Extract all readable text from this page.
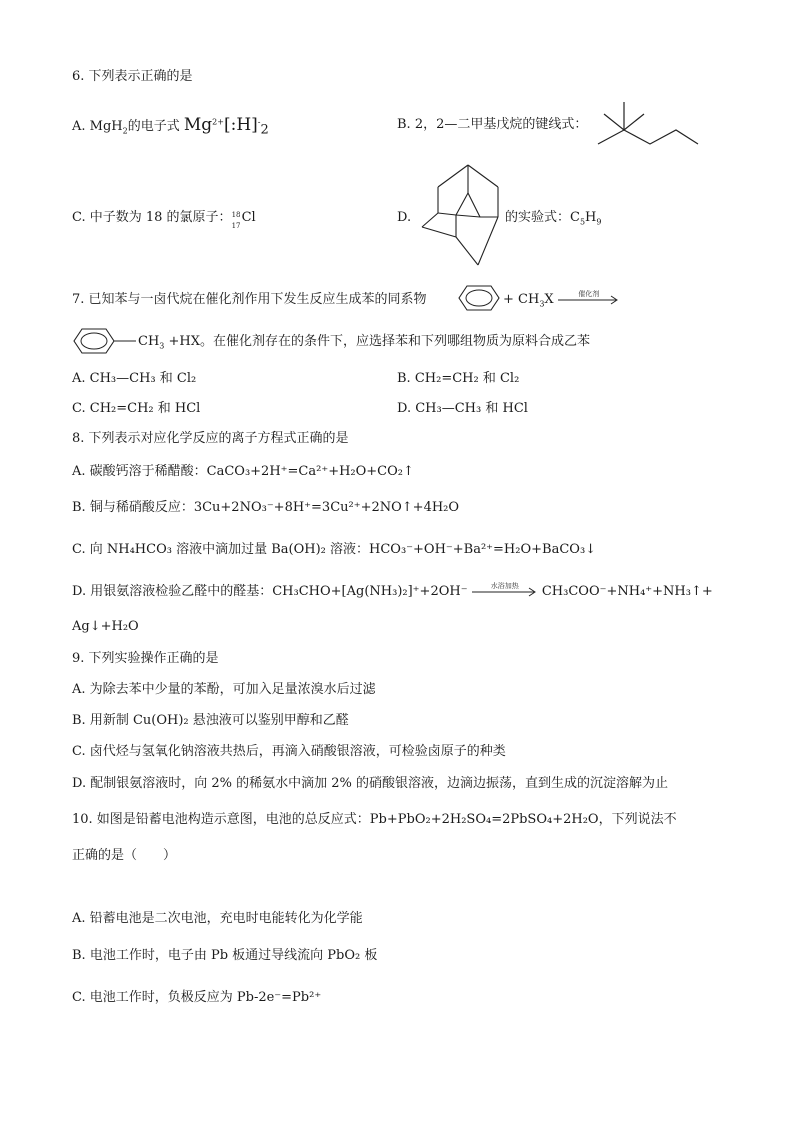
6. 下列表示正确的是
A. MgH$_2$的电子式 $Mg^{2+}[:H]^-_2$	B. 2，2—二甲基戊烷的键线式：
C. 中子数为 18 的氯原子： 18
17
Cl	D.	的实验式：$C_5H_9$
7. 已知苯与一卤代烷在催化剂作用下发生反应生成苯的同系物	+ $CH_3X$	催化剂
$CH_3 +HX$。在催化剂存在的条件下，应选择苯和下列哪组物质为原料合成乙苯
A. CH₃—CH₃ 和 Cl₂	B. CH₂=CH₂ 和 Cl₂
C. CH₂=CH₂ 和 HCl	D. CH₃—CH₃ 和 HCl
8. 下列表示对应化学反应的离子方程式正确的是
A. 碳酸钙溶于稀醋酸：CaCO₃+2H⁺=Ca²⁺+H₂O+CO₂↑
B. 铜与稀硝酸反应：3Cu+2NO₃⁻+8H⁺=3Cu²⁺+2NO↑+4H₂O
C. 向 NH₄HCO₃ 溶液中滴加过量 Ba(OH)₂ 溶液：HCO₃⁻+OH⁻+Ba²⁺=H₂O+BaCO₃↓
D. 用银氨溶液检验乙醛中的醛基：CH₃CHO+[Ag(NH₃)₂]⁺+2OH⁻	水浴加热	CH₃COO⁻+NH₄⁺+NH₃↑+
Ag↓+H₂O
9. 下列实验操作正确的是
A. 为除去苯中少量的苯酚，可加入足量浓溴水后过滤
B. 用新制 Cu(OH)₂ 悬浊液可以鉴别甲醇和乙醛
C. 卤代烃与氢氧化钠溶液共热后，再滴入硝酸银溶液，可检验卤原子的种类
D. 配制银氨溶液时，向 2% 的稀氨水中滴加 2% 的硝酸银溶液，边滴边振荡，直到生成的沉淀溶解为止
10. 如图是铅蓄电池构造示意图，电池的总反应式：Pb+PbO₂+2H₂SO₄=2PbSO₄+2H₂O，下列说法不
正确的是（　　）
A. 铅蓄电池是二次电池，充电时电能转化为化学能
B. 电池工作时，电子由 Pb 板通过导线流向 PbO₂ 板
C. 电池工作时，负极反应为 Pb-2e⁻=Pb²⁺
